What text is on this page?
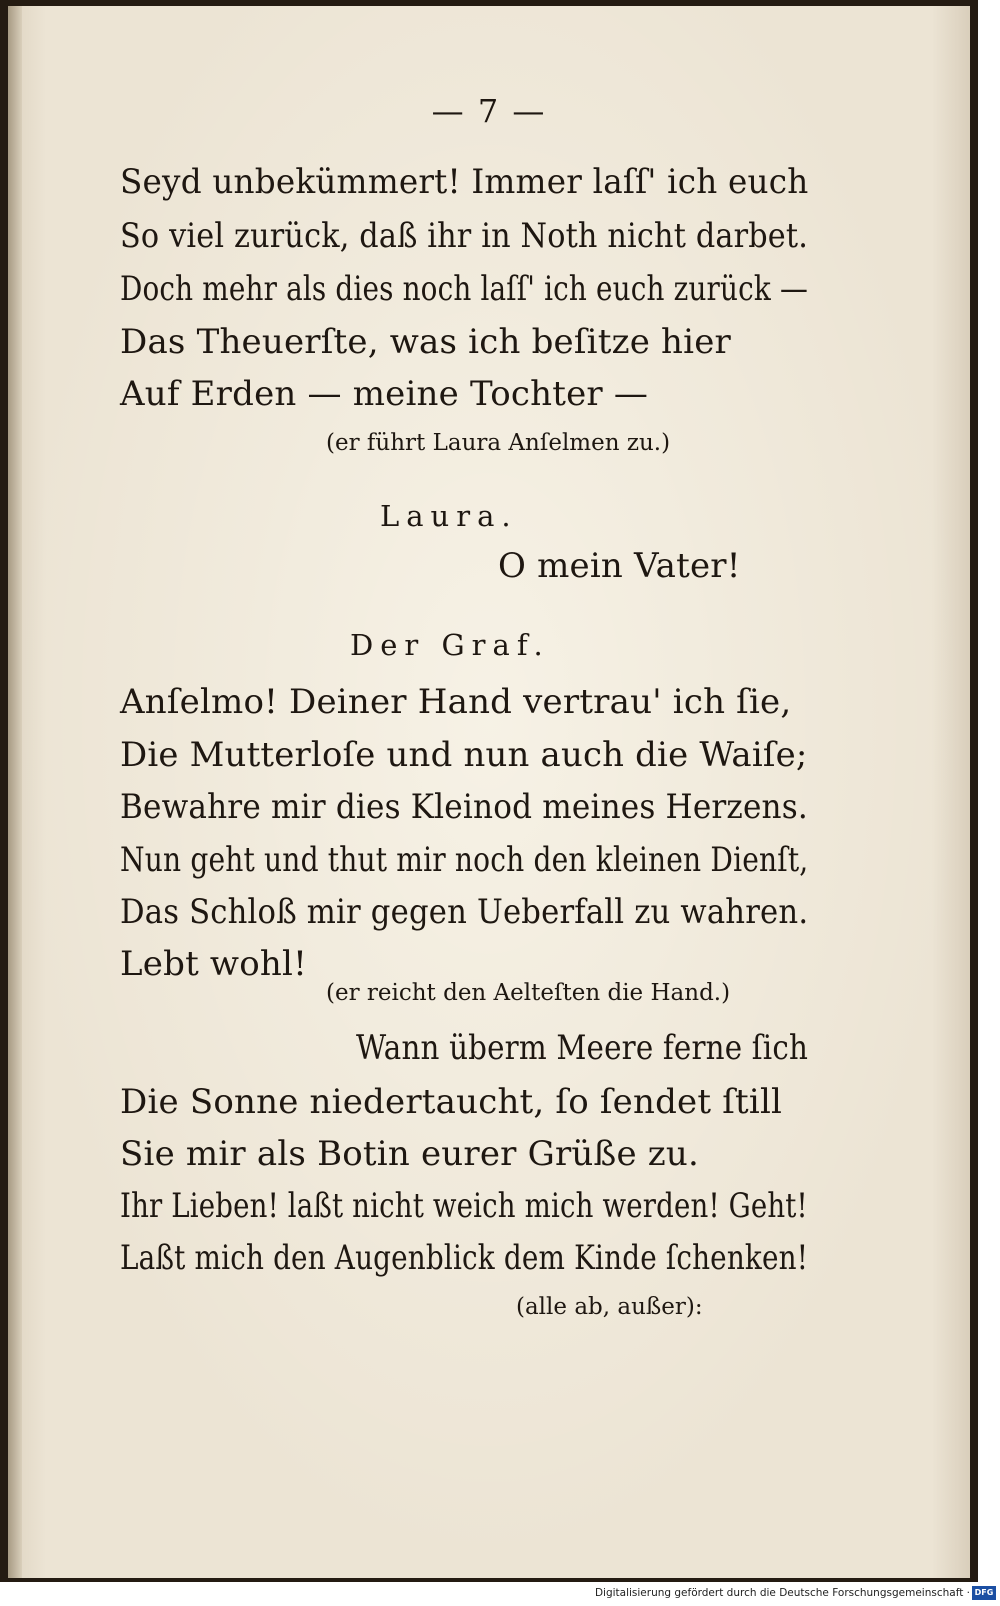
— 7 —
Seyd unbekümmert! Immer laſſ' ich euch
So viel zurück, daß ihr in Noth nicht darbet.
Doch mehr als dies noch laſſ' ich euch zurück —
Das Theuerſte, was ich beſitze hier
Auf Erden — meine Tochter —
(er führt Laura Anſelmen zu.)
Laura.
O mein Vater!
Der Graf.
Anſelmo! Deiner Hand vertrau' ich ſie,
Die Mutterloſe und nun auch die Waiſe;
Bewahre mir dies Kleinod meines Herzens.
Nun geht und thut mir noch den kleinen Dienſt,
Das Schloß mir gegen Ueberfall zu wahren.
Lebt wohl!
(er reicht den Aelteſten die Hand.)
Wann überm Meere ferne ſich
Die Sonne niedertaucht, ſo ſendet ſtill
Sie mir als Botin eurer Grüße zu.
Ihr Lieben! laßt nicht weich mich werden! Geht!
Laßt mich den Augenblick dem Kinde ſchenken!
(alle ab, außer):
Digitalisierung gefördert durch die Deutsche Forschungsgemeinschaft · DFG
